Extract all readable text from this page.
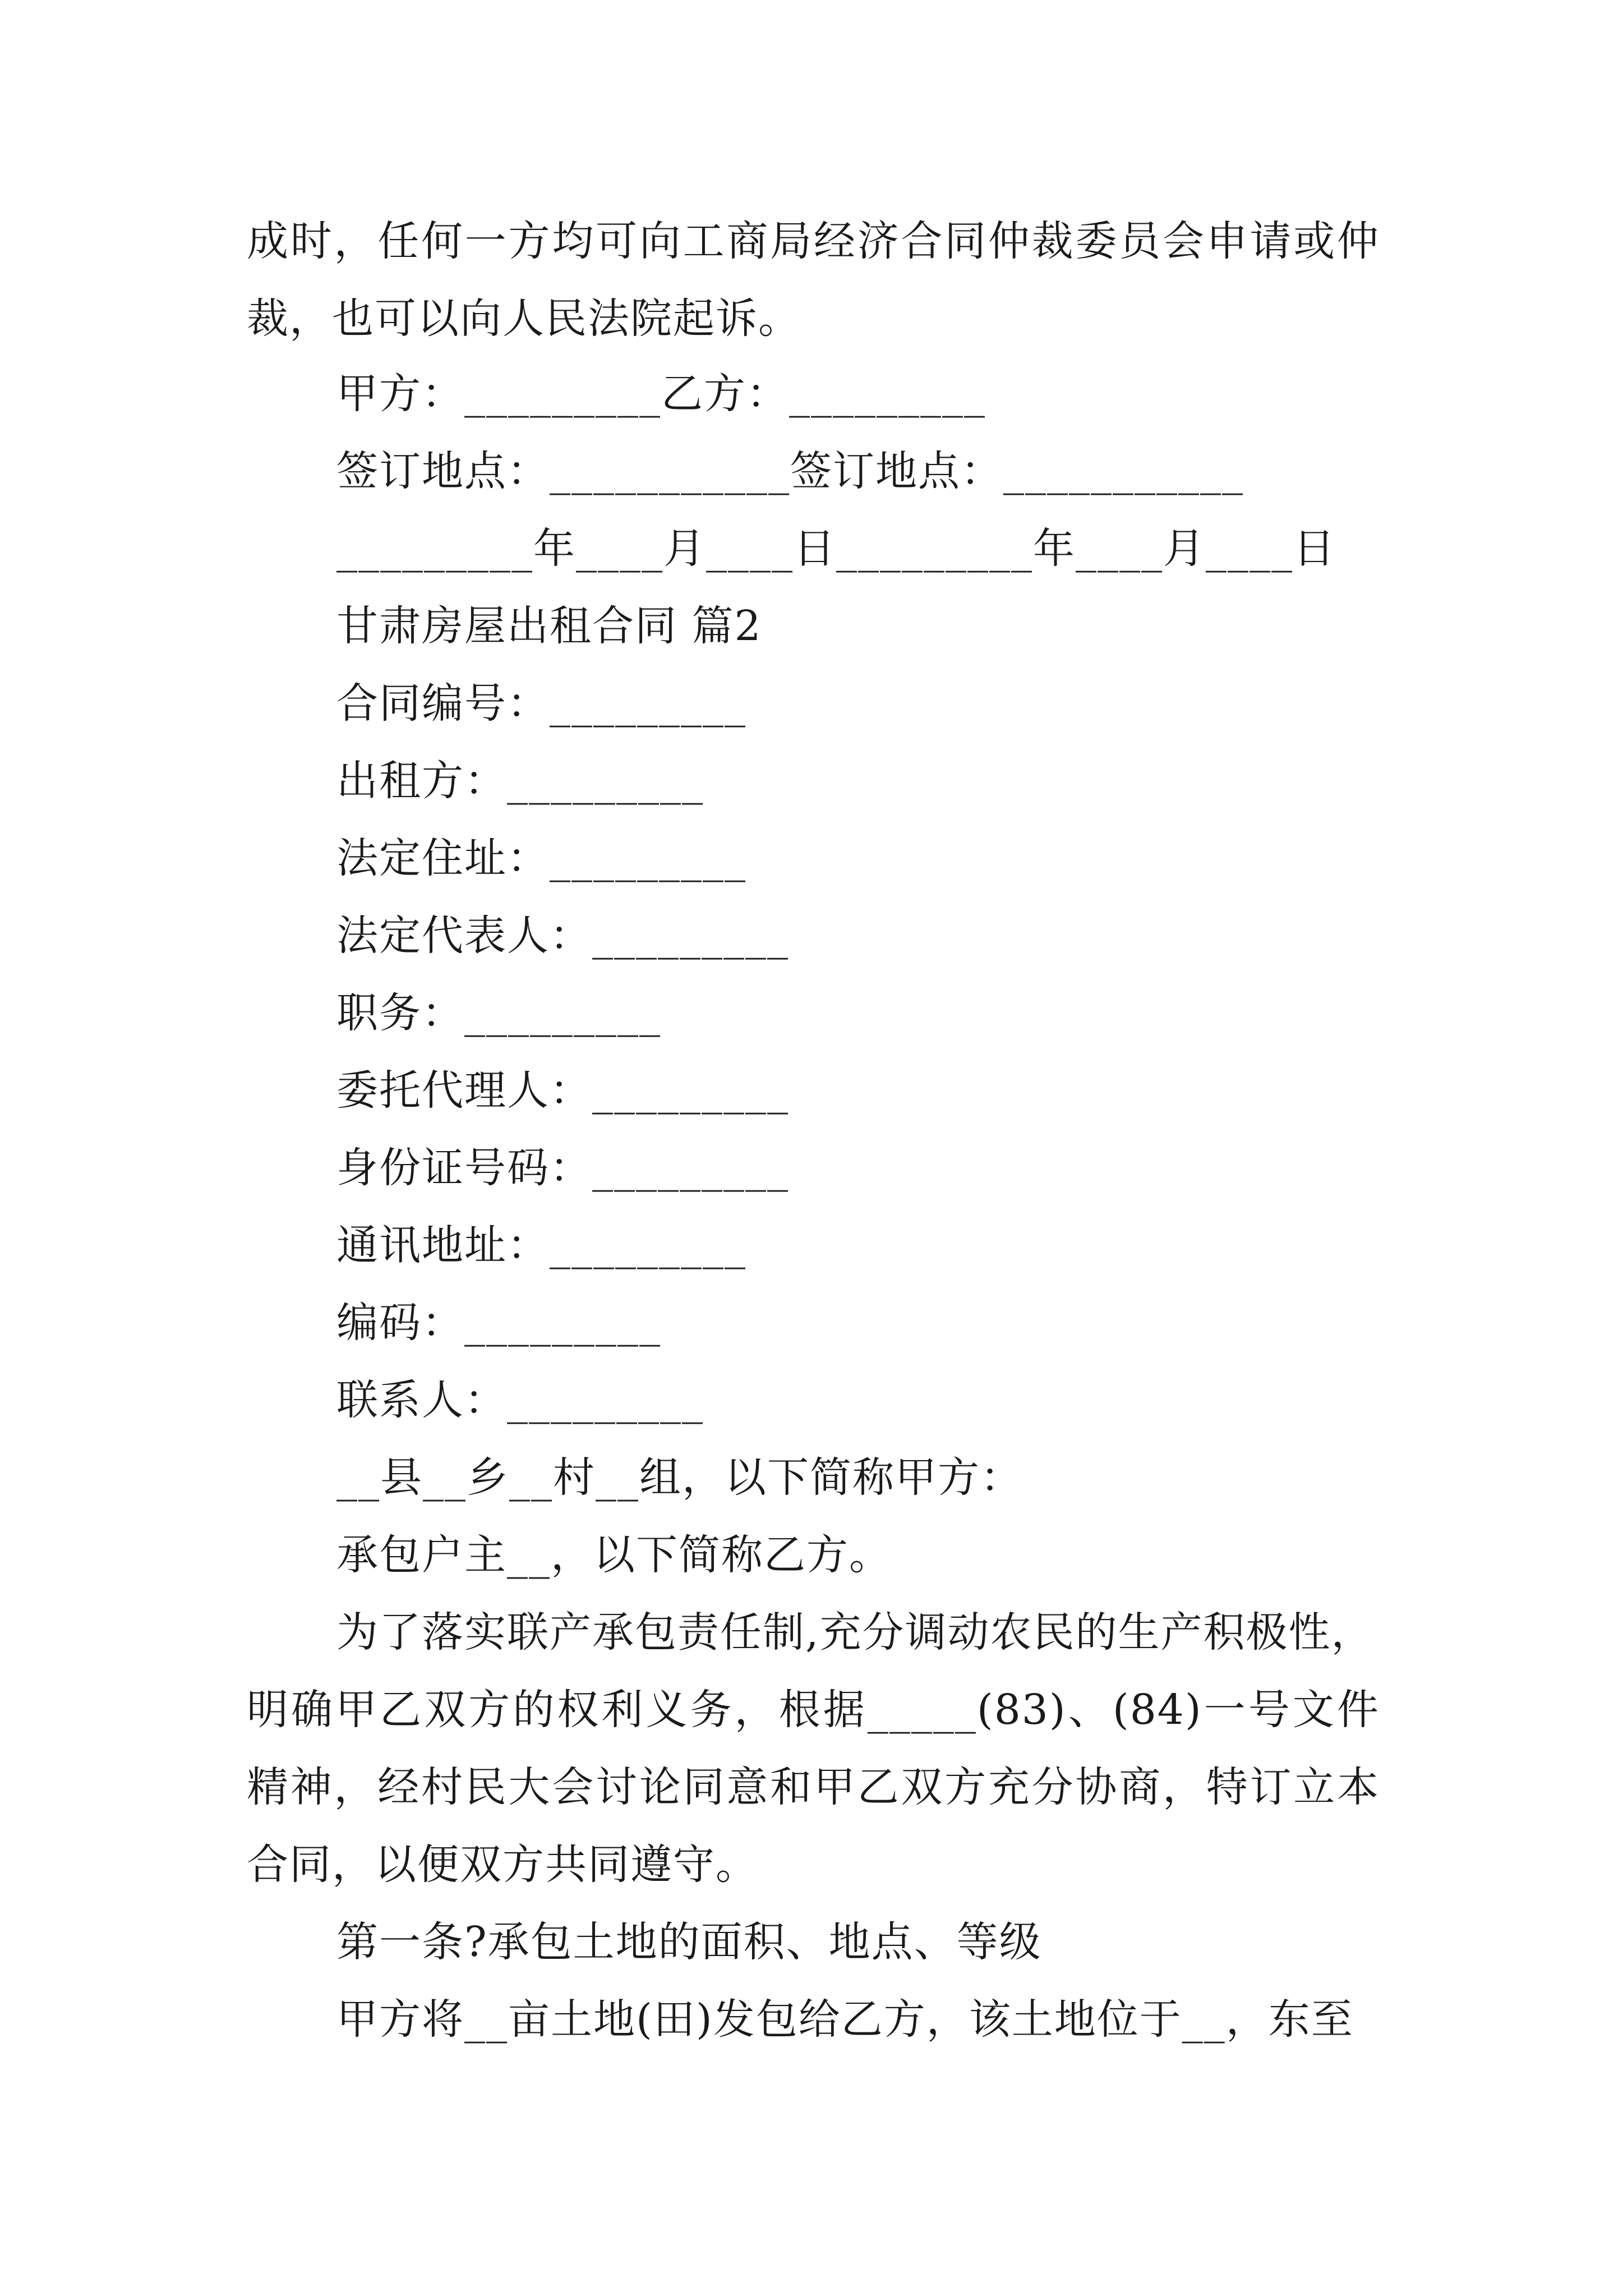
成时，任何一方均可向工商局经济合同仲裁委员会申请或仲
裁，也可以向人民法院起诉。
甲方：_________乙方：_________
签订地点：___________签订地点：___________
_________年____月____日_________年____月____日
甘肃房屋出租合同 篇2
合同编号：_________
出租方：_________
法定住址：_________
法定代表人：_________
职务：_________
委托代理人：_________
身份证号码：_________
通讯地址：_________
编码：_________
联系人：_________
__县__乡__村__组，以下简称甲方：
承包户主__，以下简称乙方。
为了落实联产承包责任制,充分调动农民的生产积极性，
明确甲乙双方的权利义务，根据_____(83)、(84)一号文件
精神，经村民大会讨论同意和甲乙双方充分协商，特订立本
合同，以便双方共同遵守。
第一条?承包土地的面积、地点、等级
甲方将__亩土地(田)发包给乙方，该土地位于__，东至
